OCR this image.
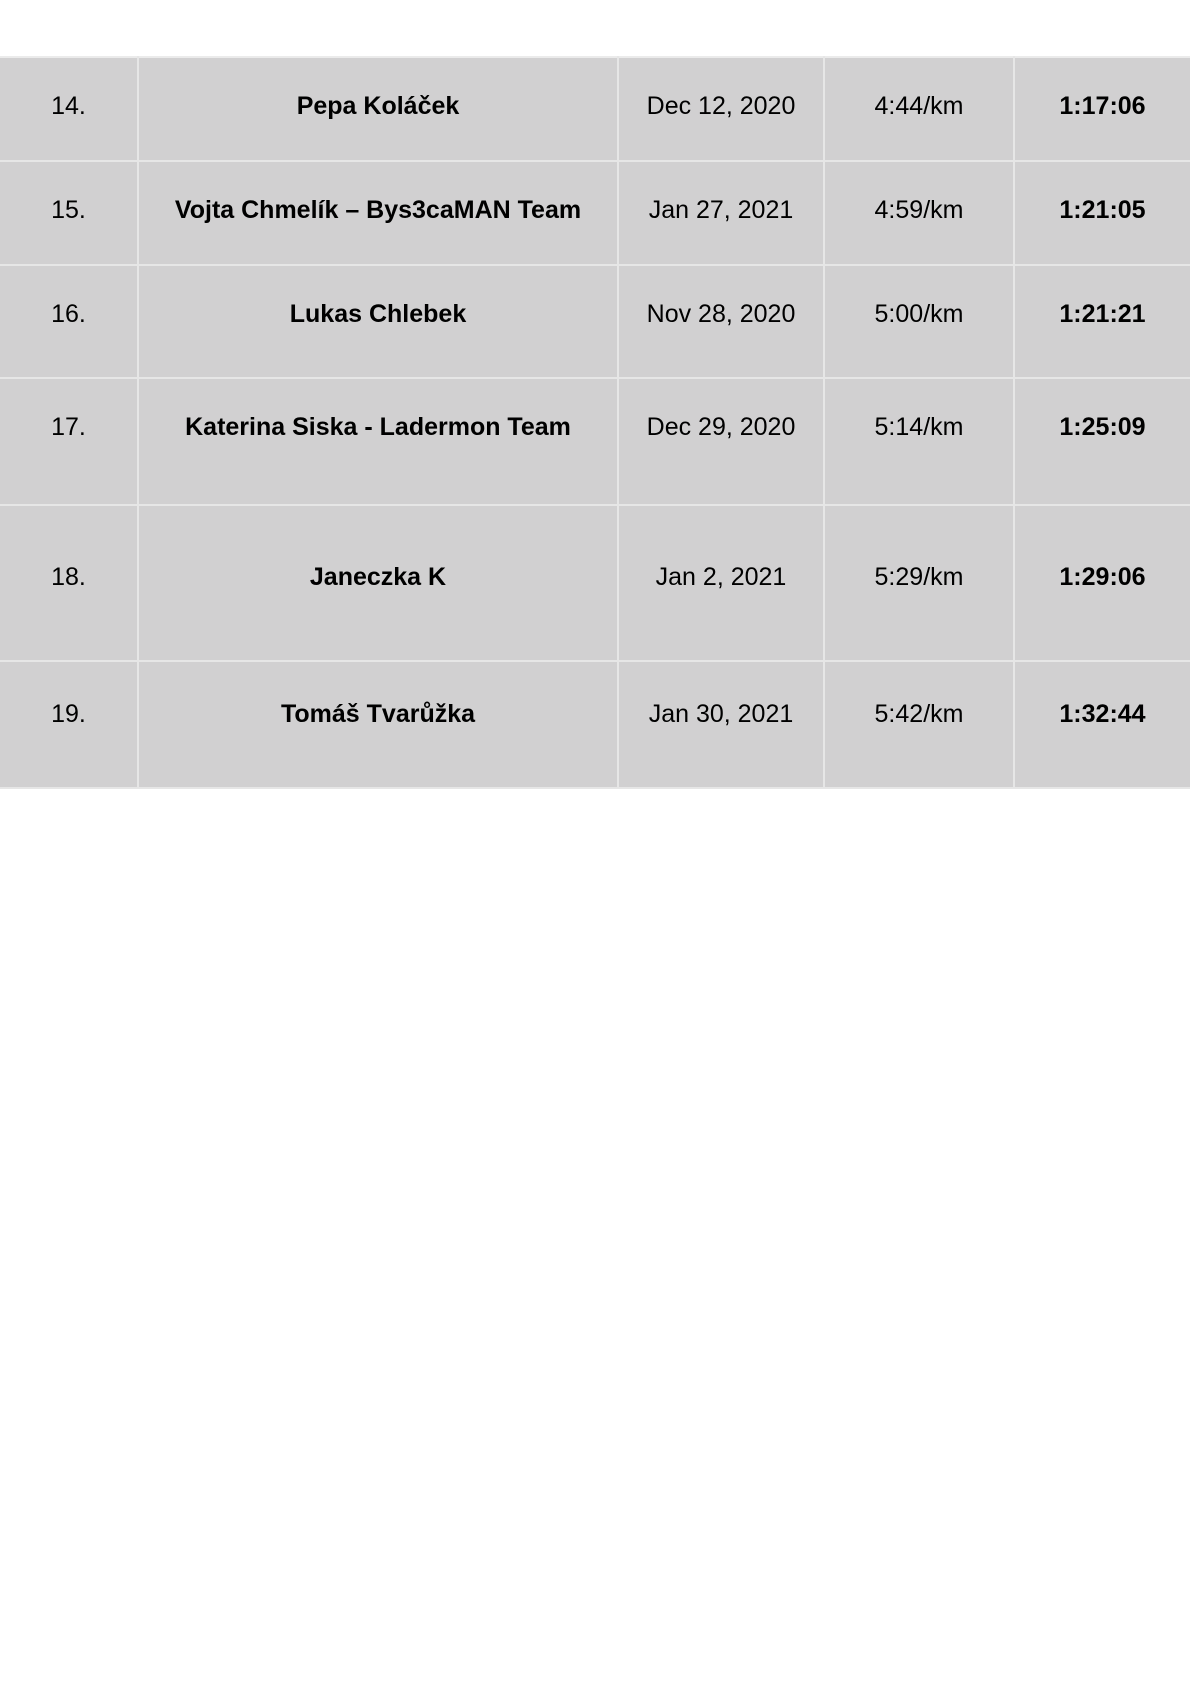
14.	Pepa Koláček	Dec 12, 2020	4:44/km	1:17:06
15.	Vojta Chmelík – Bys3caMAN Team	Jan 27, 2021	4:59/km	1:21:05
16.	Lukas Chlebek	Nov 28, 2020	5:00/km	1:21:21
17.	Katerina Siska - Ladermon Team	Dec 29, 2020	5:14/km	1:25:09
18.	Janeczka K	Jan 2, 2021	5:29/km	1:29:06
19.	Tomáš Tvarůžka	Jan 30, 2021	5:42/km	1:32:44
